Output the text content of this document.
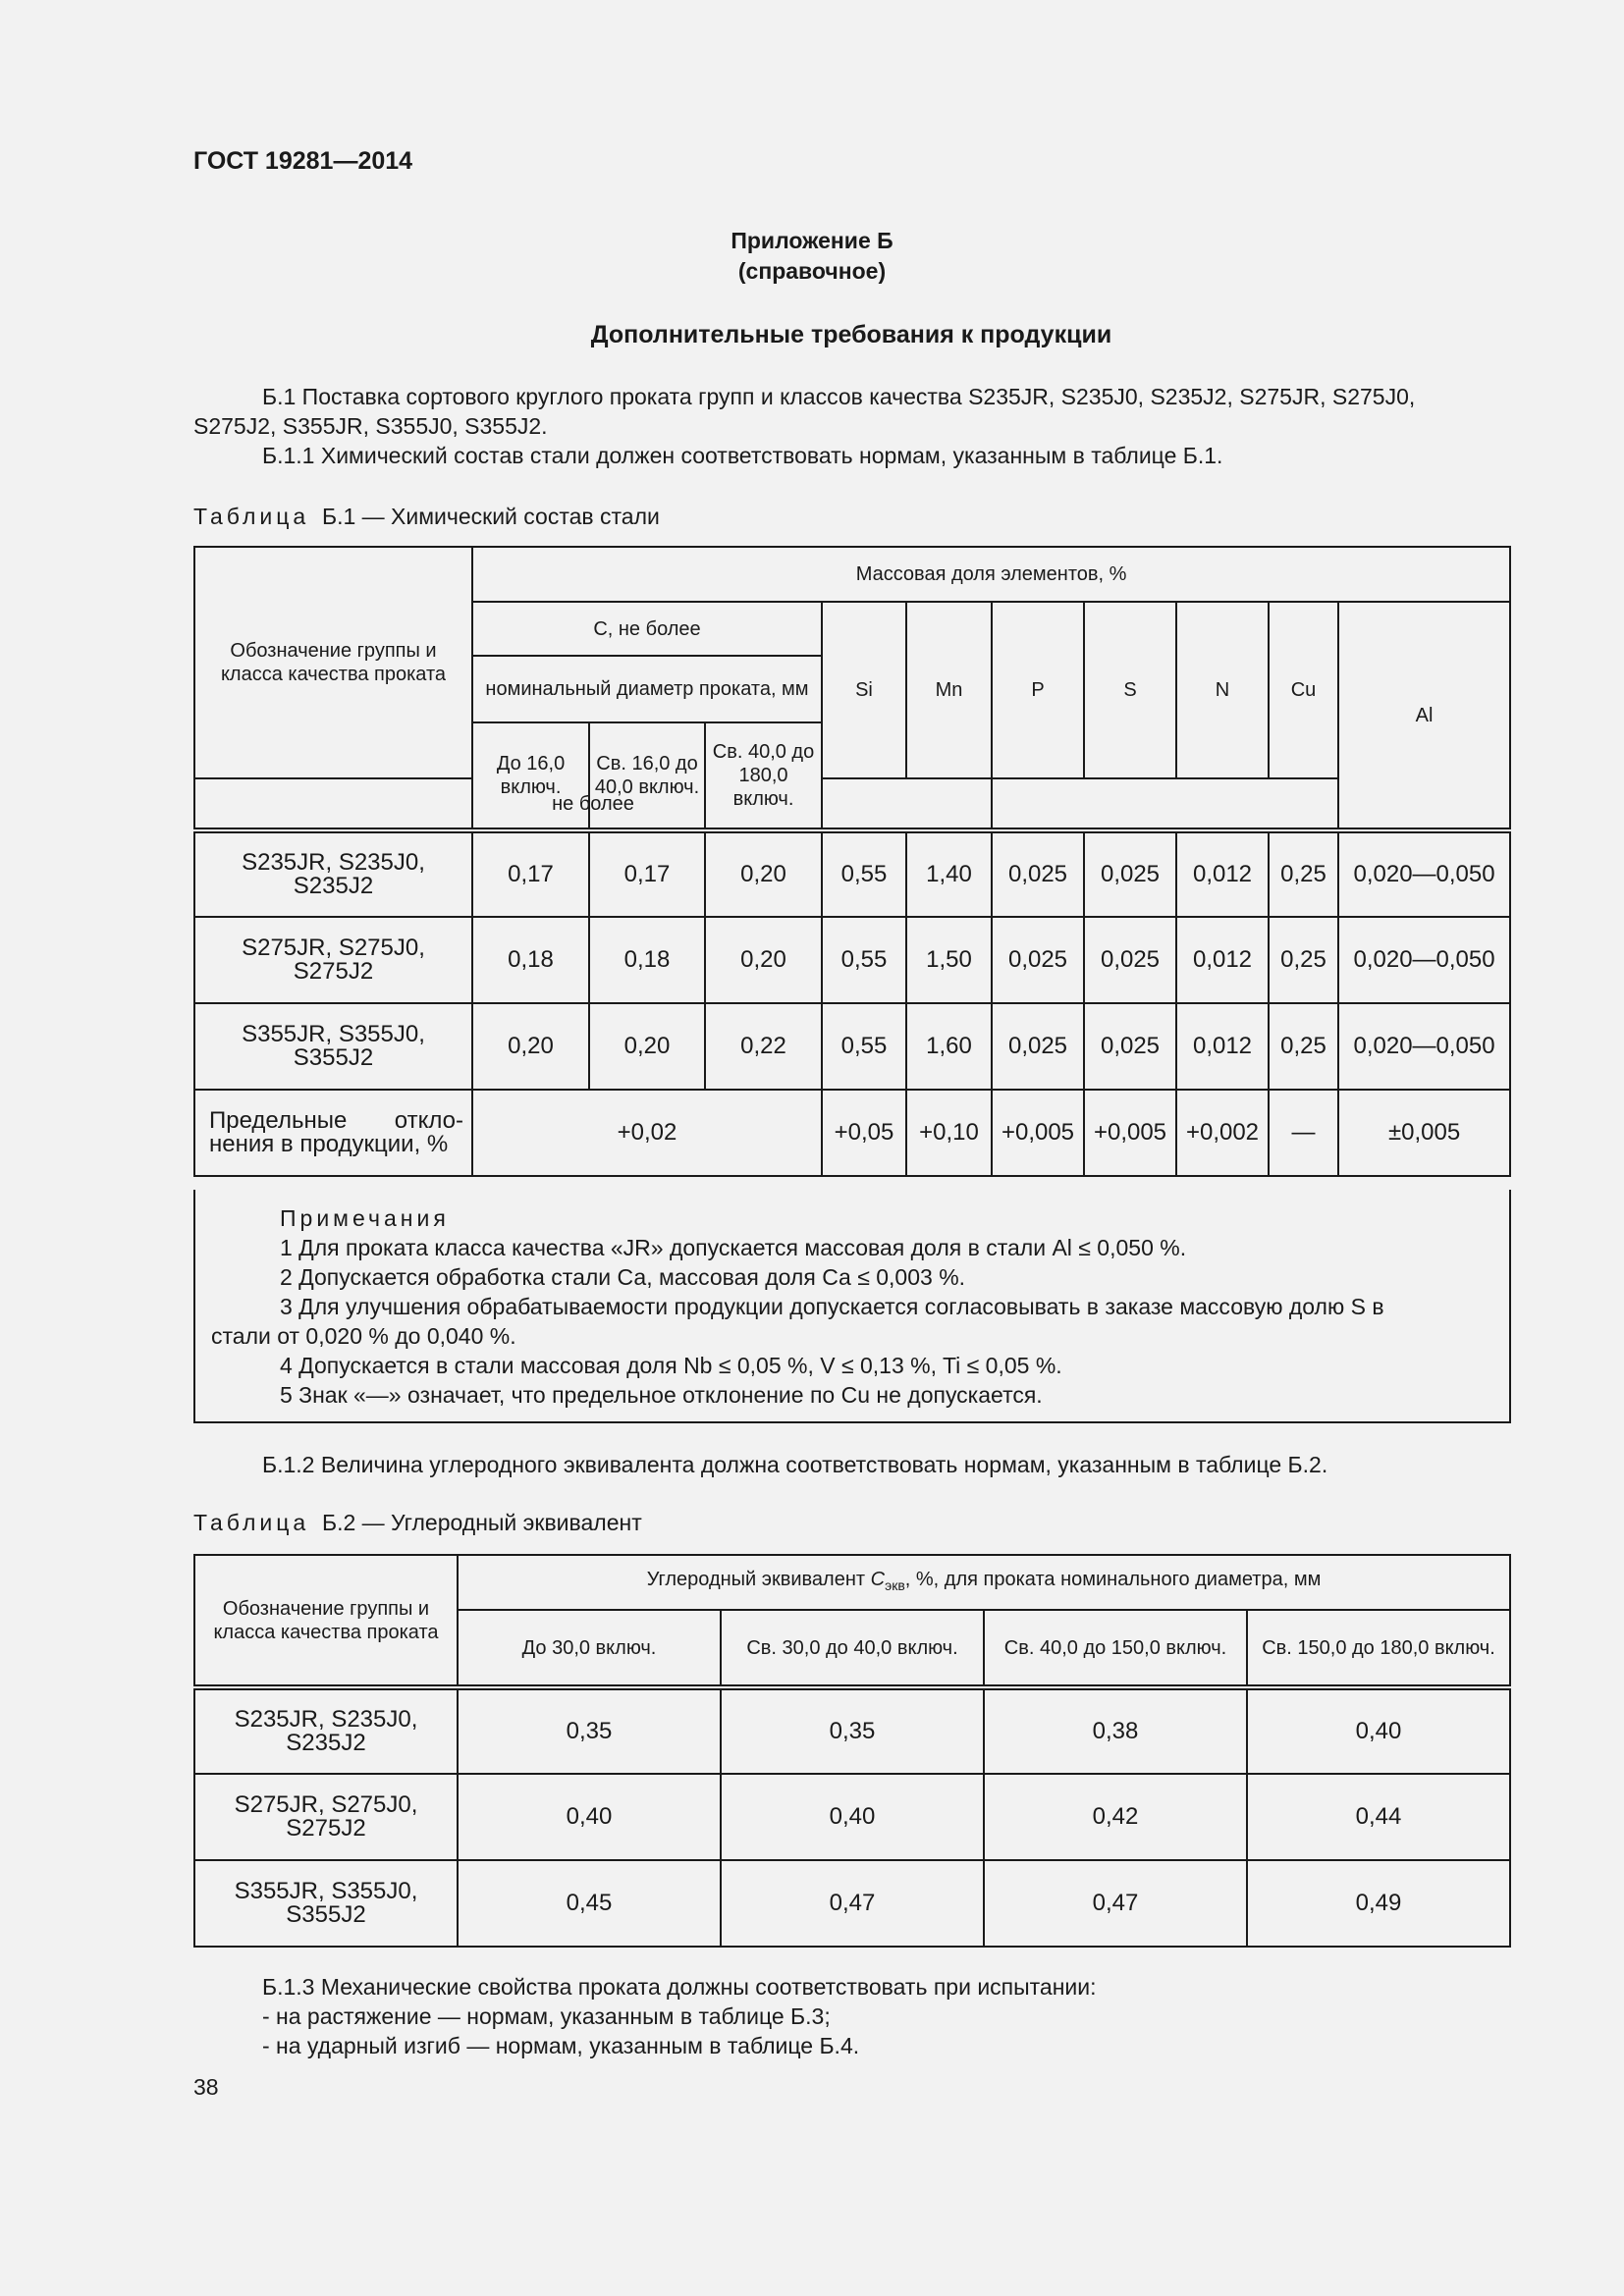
ГОСТ 19281—2014
Приложение Б
(справочное)
Дополнительные требования к продукции
Б.1 Поставка сортового круглого проката групп и классов качества S235JR, S235J0, S235J2, S275JR, S275J0,
S275J2, S355JR, S355J0, S355J2.
Б.1.1 Химический состав стали должен соответствовать нормам, указанным в таблице Б.1.
Таблица Б.1 — Химический состав стали
Обозначение группы и класса качества проката	Массовая доля элементов, %									
	С, не более			Si	Mn	P	S	N	Cu	Al
	номинальный диаметр проката, мм									
	До 16,0 включ.	Св. 16,0 до 40,0 включ.	Св. 40,0 до 180,0 включ.							
не более										
S235JR, S235J0, S235J2	0,17	0,17	0,20	0,55	1,40	0,025	0,025	0,012	0,25	0,020—0,050
S275JR, S275J0, S275J2	0,18	0,18	0,20	0,55	1,50	0,025	0,025	0,012	0,25	0,020—0,050
S355JR, S355J0, S355J2	0,20	0,20	0,22	0,55	1,60	0,025	0,025	0,012	0,25	0,020—0,050

Предельные откло-
нения в продукции, %	+0,02			+0,05	+0,10	+0,005	+0,005	+0,002	—	±0,005
Примечания
1 Для проката класса качества «JR» допускается массовая доля в стали Al ≤ 0,050 %.
2 Допускается обработка стали Са, массовая доля Са ≤ 0,003 %.
3 Для улучшения обрабатываемости продукции допускается согласовывать в заказе массовую долю S в
стали от 0,020 % до 0,040 %.
4 Допускается в стали массовая доля Nb ≤ 0,05 %, V ≤ 0,13 %, Ti ≤ 0,05 %.
5 Знак «—» означает, что предельное отклонение по Cu не допускается.
Б.1.2 Величина углеродного эквивалента должна соответствовать нормам, указанным в таблице Б.2.
Таблица Б.2 — Углеродный эквивалент
Обозначение группы и класса качества проката	Углеродный эквивалент $С_{экв}$, %, для проката номинального диаметра, мм			
	До 30,0 включ.	Св. 30,0 до 40,0 включ.	Св. 40,0 до 150,0 включ.	Св. 150,0 до 180,0 включ.
S235JR, S235J0, S235J2	0,35	0,35	0,38	0,40
S275JR, S275J0, S275J2	0,40	0,40	0,42	0,44
S355JR, S355J0, S355J2	0,45	0,47	0,47	0,49
Б.1.3 Механические свойства проката должны соответствовать при испытании:
- на растяжение — нормам, указанным в таблице Б.3;
- на ударный изгиб — нормам, указанным в таблице Б.4.
38
